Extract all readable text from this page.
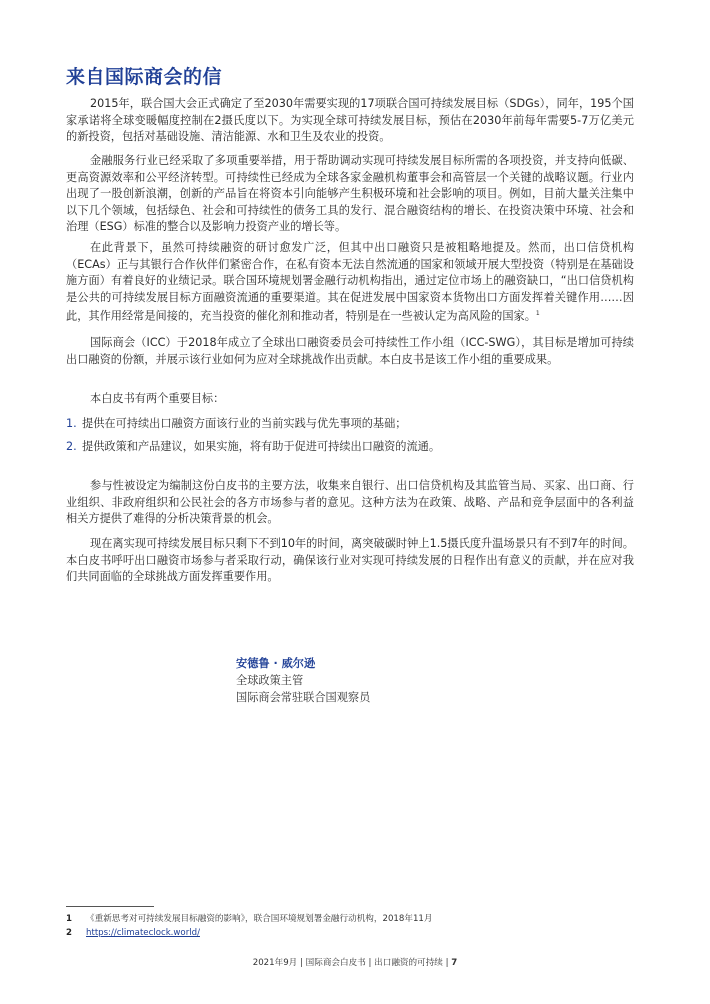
来自国际商会的信

2015年，联合国大会正式确定了至2030年需要实现的17项联合国可持续发展目标（SDGs），同年，195个国家承诺将全球变暖幅度控制在2摄氏度以下。为实现全球可持续发展目标，预估在2030年前每年需要5-7万亿美元的新投资，包括对基础设施、清洁能源、水和卫生及农业的投资。

金融服务行业已经采取了多项重要举措，用于帮助调动实现可持续发展目标所需的各项投资，并支持向低碳、更高资源效率和公平经济转型。可持续性已经成为全球各家金融机构董事会和高管层一个关键的战略议题。行业内出现了一股创新浪潮，创新的产品旨在将资本引向能够产生积极环境和社会影响的项目。例如，目前大量关注集中以下几个领域，包括绿色、社会和可持续性的债务工具的发行、混合融资结构的增长、在投资决策中环境、社会和治理（ESG）标准的整合以及影响力投资产业的增长等。

在此背景下，虽然可持续融资的研讨愈发广泛，但其中出口融资只是被粗略地提及。然而，出口信贷机构（ECAs）正与其银行合作伙伴们紧密合作，在私有资本无法自然流通的国家和领域开展大型投资（特别是在基础设施方面）有着良好的业绩记录。联合国环境规划署金融行动机构指出，通过定位市场上的融资缺口，“出口信贷机构是公共的可持续发展目标方面融资流通的重要渠道。其在促进发展中国家资本货物出口方面发挥着关键作用……因此，其作用经常是间接的，充当投资的催化剂和推动者，特别是在一些被认定为高风险的国家。$^1$

国际商会（ICC）于2018年成立了全球出口融资委员会可持续性工作小组（ICC-SWG），其目标是增加可持续出口融资的份额，并展示该行业如何为应对全球挑战作出贡献。本白皮书是该工作小组的重要成果。

本白皮书有两个重要目标：

1. 提供在可持续出口融资方面该行业的当前实践与优先事项的基础；
2. 提供政策和产品建议，如果实施，将有助于促进可持续出口融资的流通。

参与性被设定为编制这份白皮书的主要方法，收集来自银行、出口信贷机构及其监管当局、买家、出口商、行业组织、非政府组织和公民社会的各方市场参与者的意见。这种方法为在政策、战略、产品和竞争层面中的各利益相关方提供了难得的分析决策背景的机会。

现在离实现可持续发展目标只剩下不到10年的时间，离突破碳时钟上1.5摄氏度升温场景只有不到7年的时间。本白皮书呼吁出口融资市场参与者采取行动，确保该行业对实现可持续发展的日程作出有意义的贡献，并在应对我们共同面临的全球挑战方面发挥重要作用。

安德鲁 · 威尔逊
全球政策主管
国际商会常驻联合国观察员
1 《重新思考对可持续发展目标融资的影响》，联合国环境规划署金融行动机构，2018年11月
2 https://climateclock.world/
2021年9月 | 国际商会白皮书 | 出口融资的可持续 | 7
